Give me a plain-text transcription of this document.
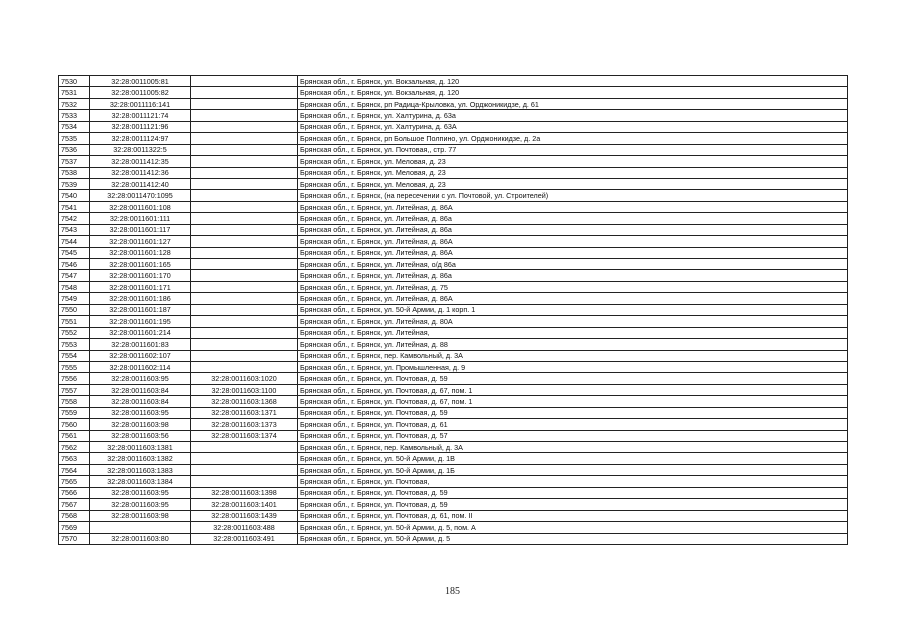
7530	32:28:0011005:81		Брянская обл., г. Брянск, ул. Вокзальная, д. 120
7531	32:28:0011005:82		Брянская обл., г. Брянск, ул. Вокзальная, д. 120
7532	32:28:0011116:141		Брянская обл., г. Брянск, рп Радица-Крыловка, ул. Орджоникидзе, д. 61
7533	32:28:0011121:74		Брянская обл., г. Брянск, ул. Халтурина, д. 63а
7534	32:28:0011121:96		Брянская обл., г. Брянск, ул. Халтурина, д. 63А
7535	32:28:0011124:97		Брянская обл., г. Брянск, рп Большое Полпино, ул. Орджоникидзе, д. 2а
7536	32:28:0011322:5		Брянская обл., г. Брянск, ул. Почтовая,, стр. 77
7537	32:28:0011412:35		Брянская обл., г. Брянск, ул. Меловая, д. 23
7538	32:28:0011412:36		Брянская обл., г. Брянск, ул. Меловая, д. 23
7539	32:28:0011412:40		Брянская обл., г. Брянск, ул. Меловая, д. 23
7540	32:28:0011470:1095		Брянская обл., г. Брянск, (на пересечении с ул. Почтовой, ул. Строителей)
7541	32:28:0011601:108		Брянская обл., г. Брянск, ул. Литейная, д. 86А
7542	32:28:0011601:111		Брянская обл., г. Брянск, ул. Литейная, д. 86а
7543	32:28:0011601:117		Брянская обл., г. Брянск, ул. Литейная, д. 86а
7544	32:28:0011601:127		Брянская обл., г. Брянск, ул. Литейная, д. 86А
7545	32:28:0011601:128		Брянская обл., г. Брянск, ул. Литейная, д. 86А
7546	32:28:0011601:165		Брянская обл., г. Брянск, ул. Литейная, о/д 86а
7547	32:28:0011601:170		Брянская обл., г. Брянск, ул. Литейная, д. 86а
7548	32:28:0011601:171		Брянская обл., г. Брянск, ул. Литейная, д. 75
7549	32:28:0011601:186		Брянская обл., г. Брянск, ул. Литейная, д. 86А
7550	32:28:0011601:187		Брянская обл., г. Брянск, ул. 50-й Армии, д. 1 корп. 1
7551	32:28:0011601:195		Брянская обл., г. Брянск, ул. Литейная, д. 80А
7552	32:28:0011601:214		Брянская обл., г. Брянск, ул. Литейная,
7553	32:28:0011601:83		Брянская обл., г. Брянск, ул. Литейная, д. 88
7554	32:28:0011602:107		Брянская обл., г. Брянск, пер. Камвольный, д. 3А
7555	32:28:0011602:114		Брянская обл., г. Брянск, ул. Промышленная, д. 9
7556	32:28:0011603:95	32:28:0011603:1020	Брянская обл., г. Брянск, ул. Почтовая, д. 59
7557	32:28:0011603:84	32:28:0011603:1100	Брянская обл., г. Брянск, ул. Почтовая, д. 67, пом. 1
7558	32:28:0011603:84	32:28:0011603:1368	Брянская обл., г. Брянск, ул. Почтовая, д. 67, пом. 1
7559	32:28:0011603:95	32:28:0011603:1371	Брянская обл., г. Брянск, ул. Почтовая, д. 59
7560	32:28:0011603:98	32:28:0011603:1373	Брянская обл., г. Брянск, ул. Почтовая, д. 61
7561	32:28:0011603:56	32:28:0011603:1374	Брянская обл., г. Брянск, ул. Почтовая, д. 57
7562	32:28:0011603:1381		Брянская обл., г. Брянск, пер. Камвольный, д. 3А
7563	32:28:0011603:1382		Брянская обл., г. Брянск, ул. 50-й Армии, д. 1В
7564	32:28:0011603:1383		Брянская обл., г. Брянск, ул. 50-й Армии, д. 1Б
7565	32:28:0011603:1384		Брянская обл., г. Брянск, ул. Почтовая,
7566	32:28:0011603:95	32:28:0011603:1398	Брянская обл., г. Брянск, ул. Почтовая, д. 59
7567	32:28:0011603:95	32:28:0011603:1401	Брянская обл., г. Брянск, ул. Почтовая, д. 59
7568	32:28:0011603:98	32:28:0011603:1439	Брянская обл., г. Брянск, ул. Почтовая, д. 61, пом. II
7569		32:28:0011603:488	Брянская обл., г. Брянск, ул. 50-й Армии, д. 5, пом. А
7570	32:28:0011603:80	32:28:0011603:491	Брянская обл., г. Брянск, ул. 50-й Армии, д. 5
185
